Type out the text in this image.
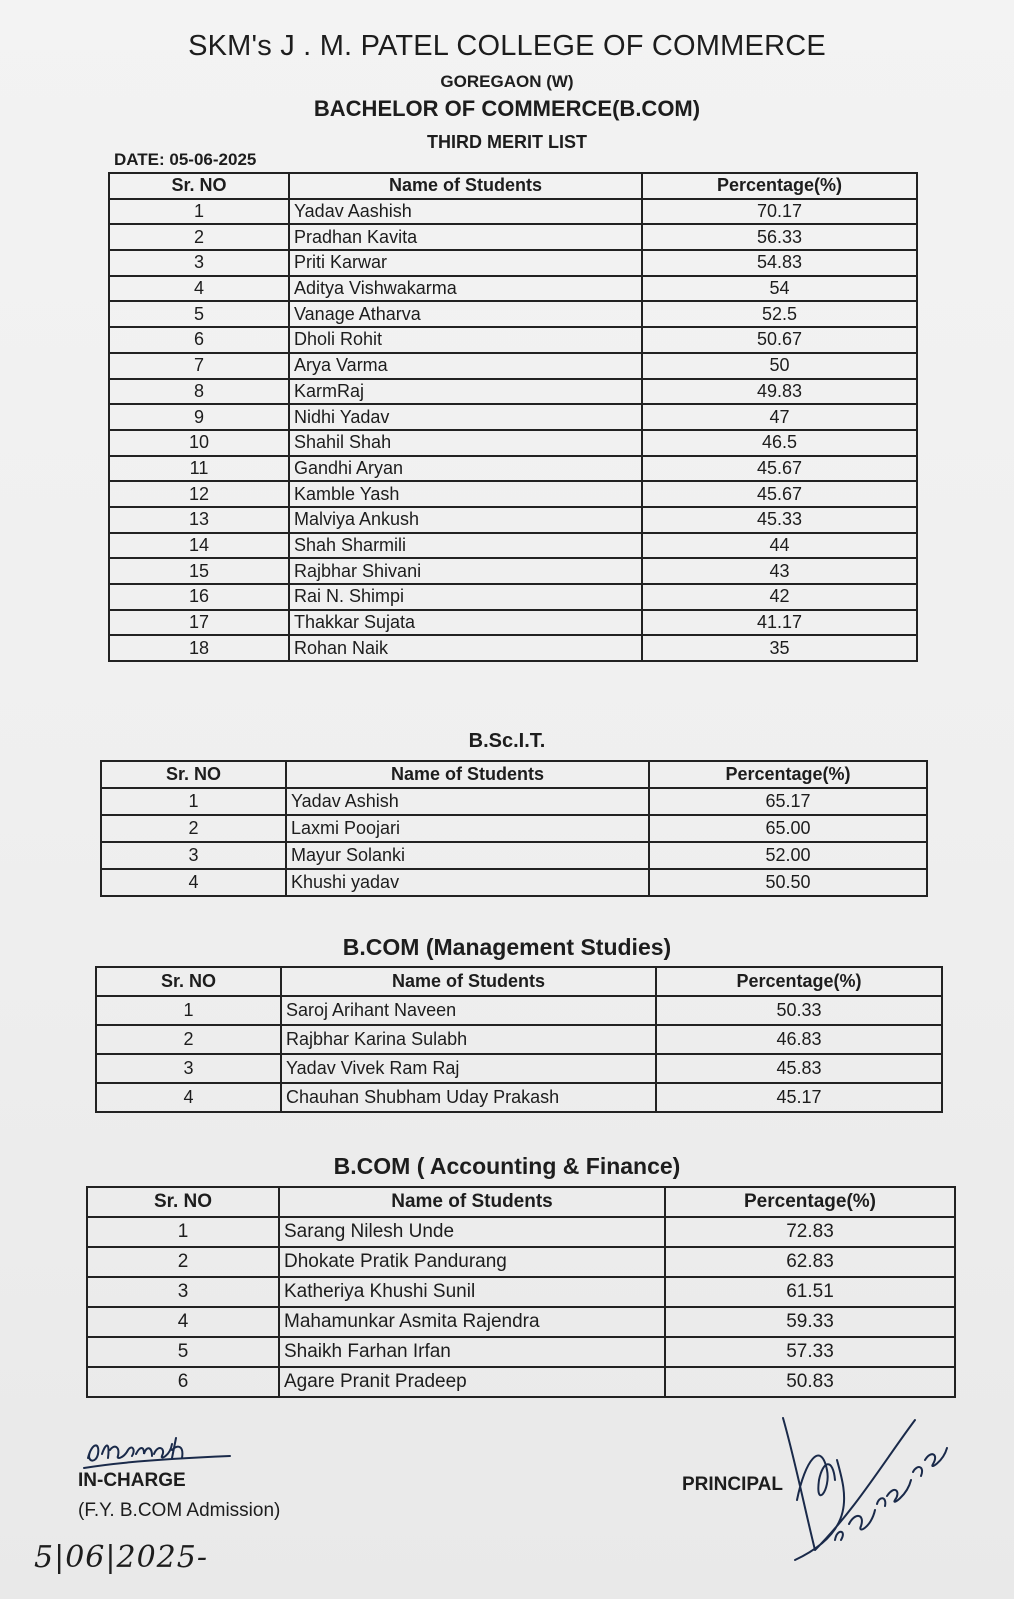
SKM's J . M. PATEL COLLEGE OF COMMERCE
GOREGAON (W)
BACHELOR OF COMMERCE(B.COM)
THIRD MERIT LIST
DATE: 05-06-2025
Sr. NO	Name of Students	Percentage(%)
1	Yadav Aashish	70.17
2	Pradhan Kavita	56.33
3	Priti Karwar	54.83
4	Aditya Vishwakarma	54
5	Vanage Atharva	52.5
6	Dholi Rohit	50.67
7	Arya Varma	50
8	KarmRaj	49.83
9	Nidhi Yadav	47
10	Shahil Shah	46.5
11	Gandhi Aryan	45.67
12	Kamble Yash	45.67
13	Malviya Ankush	45.33
14	Shah Sharmili	44
15	Rajbhar Shivani	43
16	Rai N. Shimpi	42
17	Thakkar Sujata	41.17
18	Rohan Naik	35
B.Sc.I.T.
Sr. NO	Name of Students	Percentage(%)
1	Yadav Ashish	65.17
2	Laxmi Poojari	65.00
3	Mayur Solanki	52.00
4	Khushi yadav	50.50
B.COM (Management Studies)
Sr. NO	Name of Students	Percentage(%)
1	Saroj Arihant Naveen	50.33
2	Rajbhar Karina Sulabh	46.83
3	Yadav Vivek Ram Raj	45.83
4	Chauhan Shubham Uday Prakash	45.17
B.COM ( Accounting & Finance)
Sr. NO	Name of Students	Percentage(%)
1	Sarang Nilesh Unde	72.83
2	Dhokate Pratik Pandurang	62.83
3	Katheriya Khushi Sunil	61.51
4	Mahamunkar Asmita Rajendra	59.33
5	Shaikh Farhan Irfan	57.33
6	Agare Pranit Pradeep	50.83
IN-CHARGE
(F.Y. B.COM Admission)
5|06|2025-
PRINCIPAL
